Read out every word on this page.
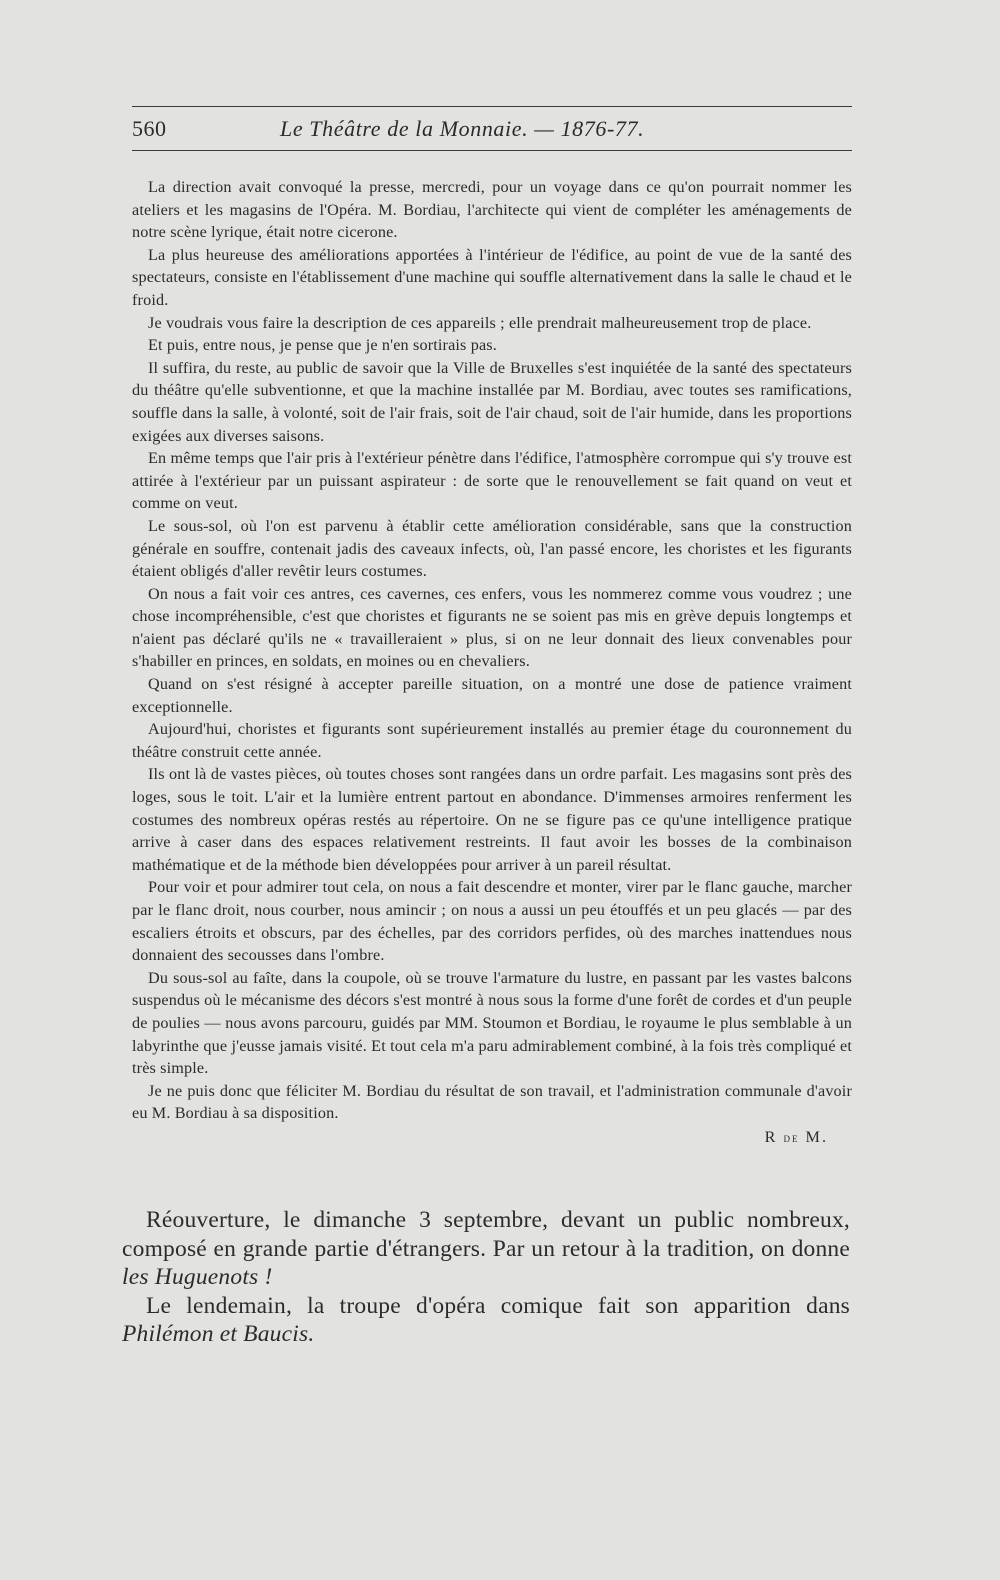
560	Le Théâtre de la Monnaie. — 1876-77.

La direction avait convoqué la presse, mercredi, pour un voyage dans ce qu'on pourrait nommer les ateliers et les magasins de l'Opéra. M. Bordiau, l'architecte qui vient de compléter les aménagements de notre scène lyrique, était notre cicerone.

La plus heureuse des améliorations apportées à l'intérieur de l'édifice, au point de vue de la santé des spectateurs, consiste en l'établissement d'une machine qui souffle alternativement dans la salle le chaud et le froid.

Je voudrais vous faire la description de ces appareils ; elle prendrait malheureusement trop de place.

Et puis, entre nous, je pense que je n'en sortirais pas.

Il suffira, du reste, au public de savoir que la Ville de Bruxelles s'est inquiétée de la santé des spectateurs du théâtre qu'elle subventionne, et que la machine installée par M. Bordiau, avec toutes ses ramifications, souffle dans la salle, à volonté, soit de l'air frais, soit de l'air chaud, soit de l'air humide, dans les proportions exigées aux diverses saisons.

En même temps que l'air pris à l'extérieur pénètre dans l'édifice, l'atmosphère corrompue qui s'y trouve est attirée à l'extérieur par un puissant aspirateur : de sorte que le renouvellement se fait quand on veut et comme on veut.

Le sous-sol, où l'on est parvenu à établir cette amélioration considérable, sans que la construction générale en souffre, contenait jadis des caveaux infects, où, l'an passé encore, les choristes et les figurants étaient obligés d'aller revêtir leurs costumes.

On nous a fait voir ces antres, ces cavernes, ces enfers, vous les nommerez comme vous voudrez ; une chose incompréhensible, c'est que choristes et figurants ne se soient pas mis en grève depuis longtemps et n'aient pas déclaré qu'ils ne « travailleraient » plus, si on ne leur donnait des lieux convenables pour s'habiller en princes, en soldats, en moines ou en chevaliers.

Quand on s'est résigné à accepter pareille situation, on a montré une dose de patience vraiment exceptionnelle.

Aujourd'hui, choristes et figurants sont supérieurement installés au premier étage du couronnement du théâtre construit cette année.

Ils ont là de vastes pièces, où toutes choses sont rangées dans un ordre parfait. Les magasins sont près des loges, sous le toit. L'air et la lumière entrent partout en abondance. D'immenses armoires renferment les costumes des nombreux opéras restés au répertoire. On ne se figure pas ce qu'une intelligence pratique arrive à caser dans des espaces relativement restreints. Il faut avoir les bosses de la combinaison mathématique et de la méthode bien développées pour arriver à un pareil résultat.

Pour voir et pour admirer tout cela, on nous a fait descendre et monter, virer par le flanc gauche, marcher par le flanc droit, nous courber, nous amincir ; on nous a aussi un peu étouffés et un peu glacés — par des escaliers étroits et obscurs, par des échelles, par des corridors perfides, où des marches inattendues nous donnaient des secousses dans l'ombre.

Du sous-sol au faîte, dans la coupole, où se trouve l'armature du lustre, en passant par les vastes balcons suspendus où le mécanisme des décors s'est montré à nous sous la forme d'une forêt de cordes et d'un peuple de poulies — nous avons parcouru, guidés par MM. Stoumon et Bordiau, le royaume le plus semblable à un labyrinthe que j'eusse jamais visité. Et tout cela m'a paru admirablement combiné, à la fois très compliqué et très simple.

Je ne puis donc que féliciter M. Bordiau du résultat de son travail, et l'administration communale d'avoir eu M. Bordiau à sa disposition.

R de M.

Réouverture, le dimanche 3 septembre, devant un public nombreux, composé en grande partie d'étrangers. Par un retour à la tradition, on donne les Huguenots !

Le lendemain, la troupe d'opéra comique fait son apparition dans Philémon et Baucis.
